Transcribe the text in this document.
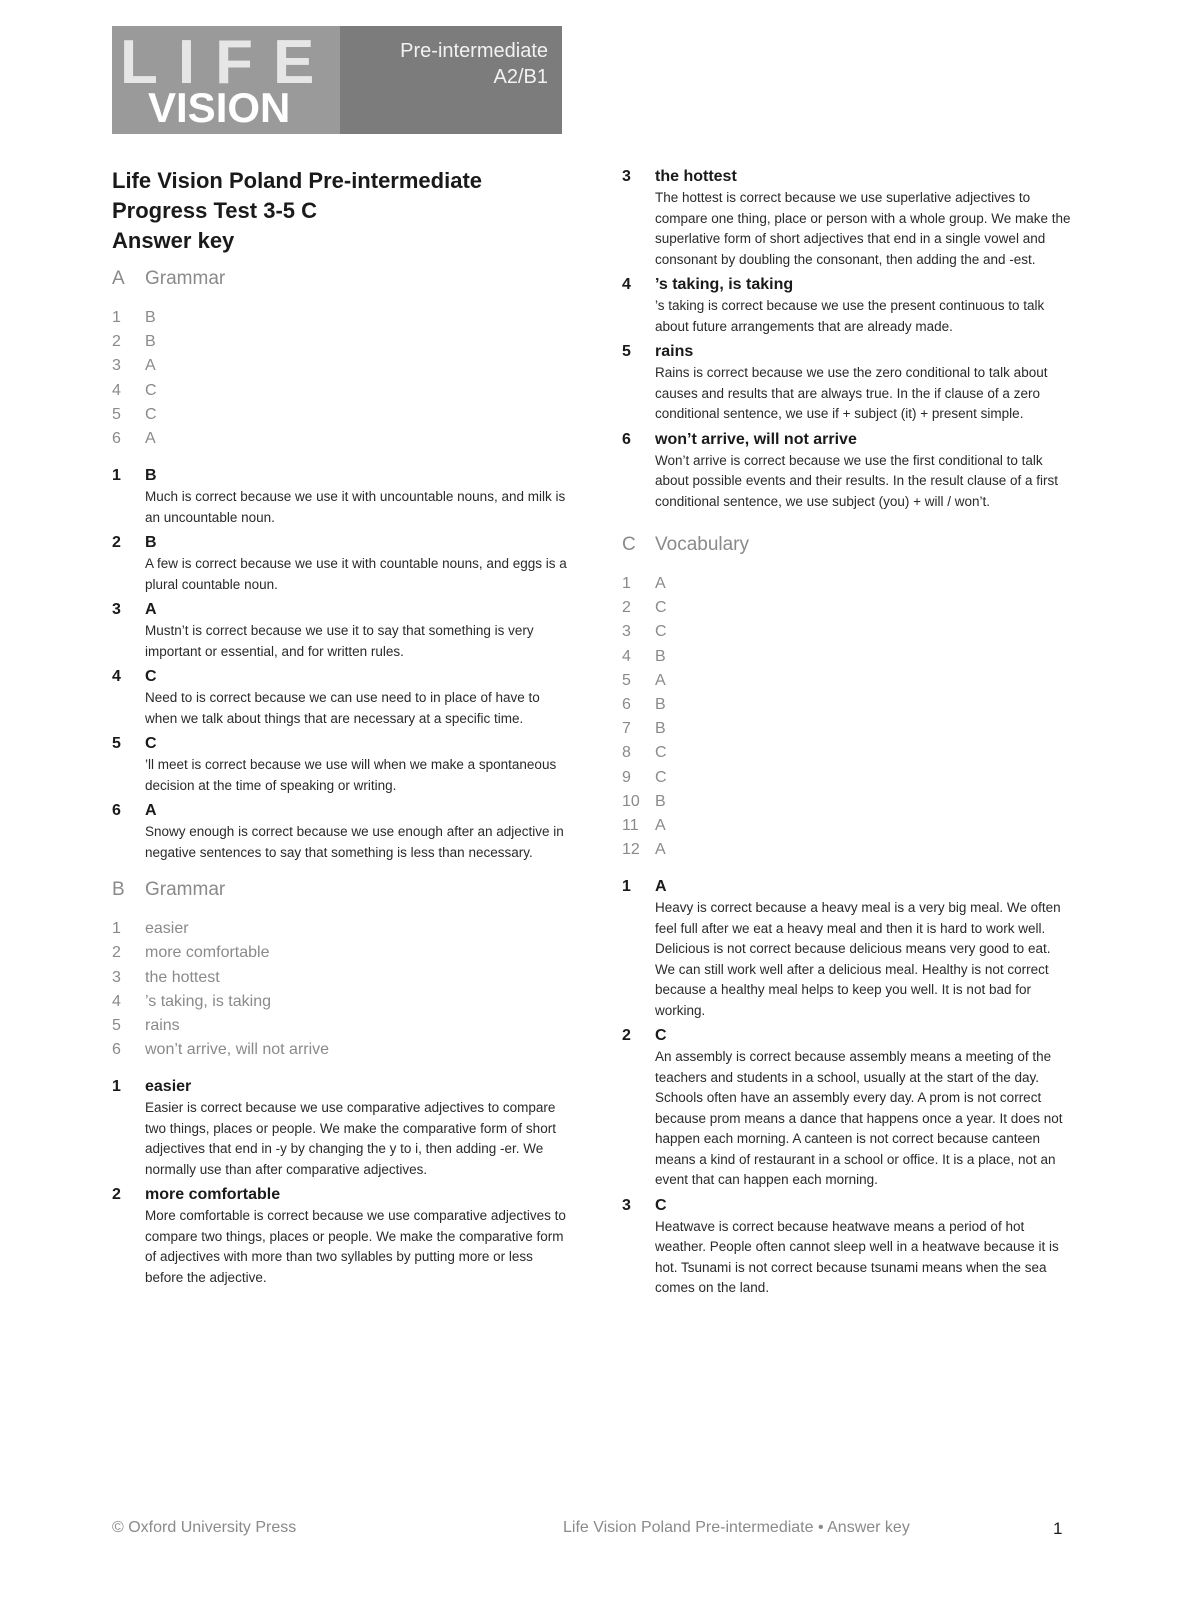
LIFE
VISION
Pre-intermediate
A2/B1
Life Vision Poland Pre-intermediate
Progress Test 3-5 C
Answer key
A Grammar
1 B
2 B
3 A
4 C
5 C
6 A
1 B
Much is correct because we use it with uncountable nouns, and milk is an uncountable noun.
2 B
A few is correct because we use it with countable nouns, and eggs is a plural countable noun.
3 A
Mustn’t is correct because we use it to say that something is very important or essential, and for written rules.
4 C
Need to is correct because we can use need to in place of have to when we talk about things that are necessary at a specific time.
5 C
’ll meet is correct because we use will when we make a spontaneous decision at the time of speaking or writing.
6 A
Snowy enough is correct because we use enough after an adjective in negative sentences to say that something is less than necessary.
B Grammar
1 easier
2 more comfortable
3 the hottest
4 ’s taking, is taking
5 rains
6 won’t arrive, will not arrive
1 easier
Easier is correct because we use comparative adjectives to compare two things, places or people. We make the comparative form of short adjectives that end in -y by changing the y to i, then adding -er. We normally use than after comparative adjectives.
2 more comfortable
More comfortable is correct because we use comparative adjectives to compare two things, places or people. We make the comparative form of adjectives with more than two syllables by putting more or less before the adjective.
3 the hottest
The hottest is correct because we use superlative adjectives to compare one thing, place or person with a whole group. We make the superlative form of short adjectives that end in a single vowel and consonant by doubling the consonant, then adding the and -est.
4 ’s taking, is taking
’s taking is correct because we use the present continuous to talk about future arrangements that are already made.
5 rains
Rains is correct because we use the zero conditional to talk about causes and results that are always true. In the if clause of a zero conditional sentence, we use if + subject (it) + present simple.
6 won’t arrive, will not arrive
Won’t arrive is correct because we use the first conditional to talk about possible events and their results. In the result clause of a first conditional sentence, we use subject (you) + will / won’t.
C Vocabulary
1 A
2 C
3 C
4 B
5 A
6 B
7 B
8 C
9 C
10 B
11 A
12 A
1 A
Heavy is correct because a heavy meal is a very big meal. We often feel full after we eat a heavy meal and then it is hard to work well. Delicious is not correct because delicious means very good to eat. We can still work well after a delicious meal. Healthy is not correct because a healthy meal helps to keep you well. It is not bad for working.
2 C
An assembly is correct because assembly means a meeting of the teachers and students in a school, usually at the start of the day. Schools often have an assembly every day. A prom is not correct because prom means a dance that happens once a year. It does not happen each morning. A canteen is not correct because canteen means a kind of restaurant in a school or office. It is a place, not an event that can happen each morning.
3 C
Heatwave is correct because heatwave means a period of hot weather. People often cannot sleep well in a heatwave because it is hot. Tsunami is not correct because tsunami means when the sea comes on the land.
© Oxford University Press	Life Vision Poland Pre-intermediate • Answer key	1
